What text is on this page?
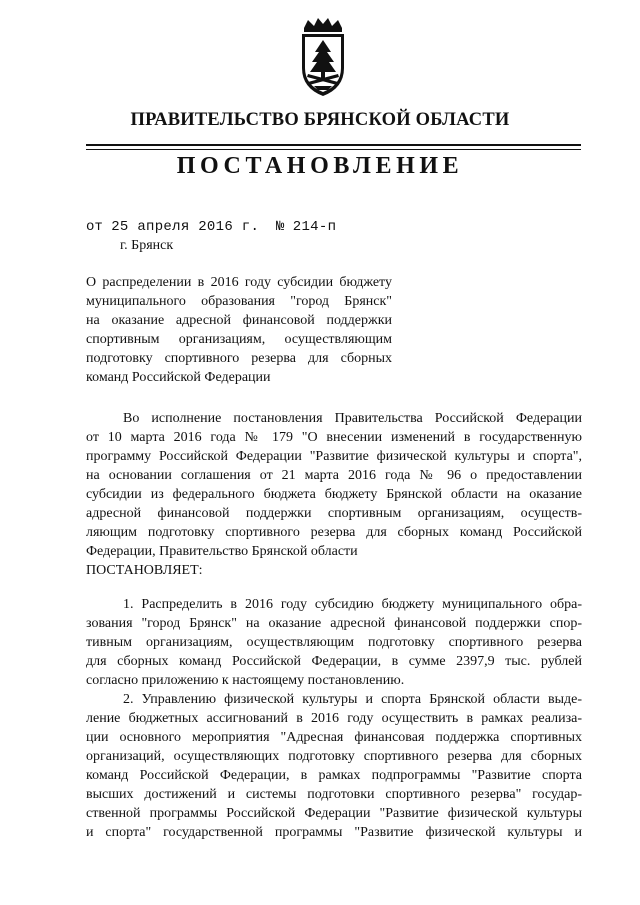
ПРАВИТЕЛЬСТВО БРЯНСКОЙ ОБЛАСТИ
ПОСТАНОВЛЕНИЕ
от 25 апреля 2016 г. № 214-п
г. Брянск
О распределении в 2016 году субсидии бюджету
муниципального образования "город Брянск"
на оказание адресной финансовой поддержки
спортивным организациям, осуществляющим
подготовку спортивного резерва для сборных
команд Российской Федерации
Во исполнение постановления Правительства Российской Федерации
от 10 марта 2016 года № 179 "О внесении изменений в государственную
программу Российской Федерации "Развитие физической культуры и спорта",
на основании соглашения от 21 марта 2016 года № 96 о предоставлении
субсидии из федерального бюджета бюджету Брянской области на оказание
адресной финансовой поддержки спортивным организациям, осуществ-
ляющим подготовку спортивного резерва для сборных команд Российской
Федерации, Правительство Брянской области
ПОСТАНОВЛЯЕТ:
1. Распределить в 2016 году субсидию бюджету муниципального обра-
зования "город Брянск" на оказание адресной финансовой поддержки спор-
тивным организациям, осуществляющим подготовку спортивного резерва
для сборных команд Российской Федерации, в сумме 2397,9 тыс. рублей
согласно приложению к настоящему постановлению.
2. Управлению физической культуры и спорта Брянской области выде-
ление бюджетных ассигнований в 2016 году осуществить в рамках реализа-
ции основного мероприятия "Адресная финансовая поддержка спортивных
организаций, осуществляющих подготовку спортивного резерва для сборных
команд Российской Федерации, в рамках подпрограммы "Развитие спорта
высших достижений и системы подготовки спортивного резерва" государ-
ственной программы Российской Федерации "Развитие физической культуры
и спорта" государственной программы "Развитие физической культуры и
